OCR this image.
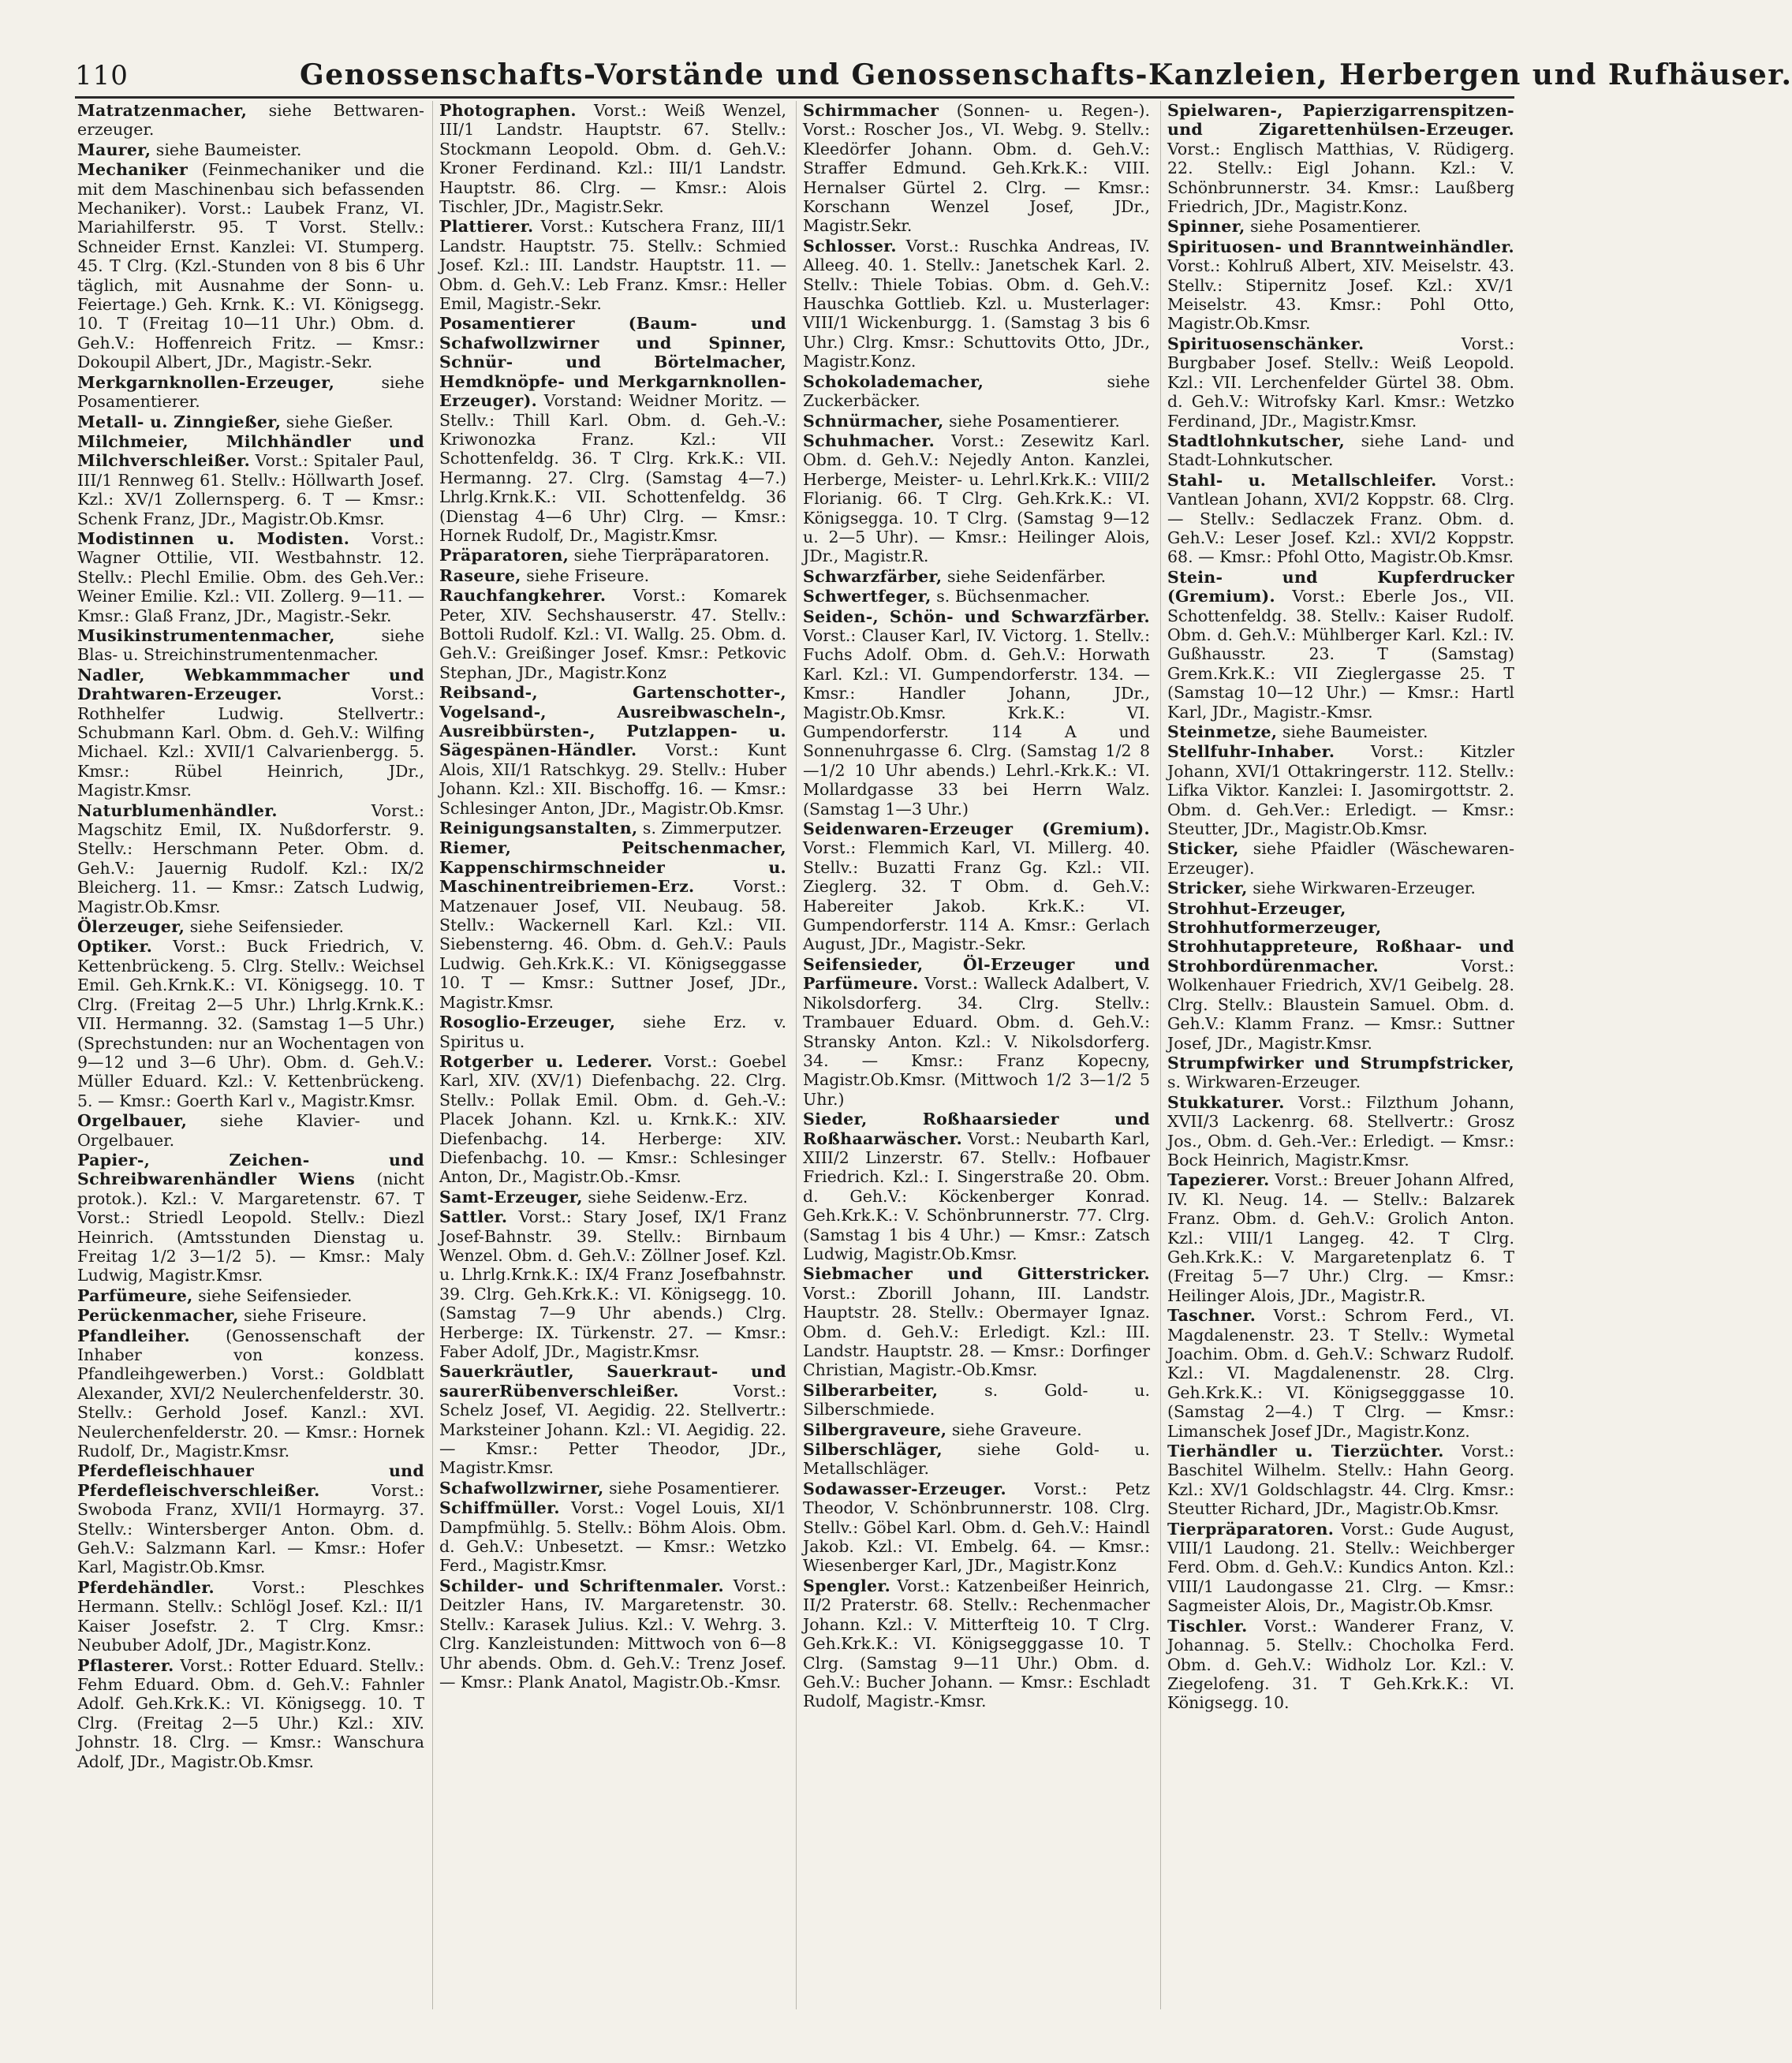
110	Genossenschafts-Vorstände und Genossenschafts-Kanzleien, Herbergen und Rufhäuser.

Matratzenmacher, siehe Bettwaren-erzeuger.

Maurer, siehe Baumeister.

Mechaniker (Feinmechaniker und die mit dem Maschinenbau sich befassenden Mechaniker). Vorst.: Laubek Franz, VI. Mariahilferstr. 95. T Vorst. Stellv.: Schneider Ernst. Kanzlei: VI. Stumperg. 45. T Clrg. (Kzl.-Stunden von 8 bis 6 Uhr täglich, mit Ausnahme der Sonn- u. Feiertage.) Geh. Krnk. K.: VI. Königsegg. 10. T (Freitag 10—11 Uhr.) Obm. d. Geh.V.: Hoffenreich Fritz. — Kmsr.: Dokoupil Albert, JDr., Magistr.-Sekr.

Merkgarnknollen-Erzeuger, siehe Posamentierer.

Metall- u. Zinngießer, siehe Gießer.

Milchmeier, Milchhändler und Milchverschleißer. Vorst.: Spitaler Paul, III/1 Rennweg 61. Stellv.: Höllwarth Josef. Kzl.: XV/1 Zollernsperg. 6. T — Kmsr.: Schenk Franz, JDr., Magistr.Ob.Kmsr.

Modistinnen u. Modisten. Vorst.: Wagner Ottilie, VII. Westbahnstr. 12. Stellv.: Plechl Emilie. Obm. des Geh.Ver.: Weiner Emilie. Kzl.: VII. Zollerg. 9—11. — Kmsr.: Glaß Franz, JDr., Magistr.-Sekr.

Musikinstrumentenmacher, siehe Blas- u. Streichinstrumentenmacher.

Nadler, Webkammmacher und Drahtwaren-Erzeuger. Vorst.: Rothhelfer Ludwig. Stellvertr.: Schubmann Karl. Obm. d. Geh.V.: Wilfing Michael. Kzl.: XVII/1 Calvarienbergg. 5. Kmsr.: Rübel Heinrich, JDr., Magistr.Kmsr.

Naturblumenhändler. Vorst.: Magschitz Emil, IX. Nußdorferstr. 9. Stellv.: Herschmann Peter. Obm. d. Geh.V.: Jauernig Rudolf. Kzl.: IX/2 Bleicherg. 11. — Kmsr.: Zatsch Ludwig, Magistr.Ob.Kmsr.

Ölerzeuger, siehe Seifensieder.

Optiker. Vorst.: Buck Friedrich, V. Kettenbrückeng. 5. Clrg. Stellv.: Weichsel Emil. Geh.Krnk.K.: VI. Königsegg. 10. T Clrg. (Freitag 2—5 Uhr.) Lhrlg.Krnk.K.: VII. Hermanng. 32. (Samstag 1—5 Uhr.) (Sprechstunden: nur an Wochentagen von 9—12 und 3—6 Uhr). Obm. d. Geh.V.: Müller Eduard. Kzl.: V. Kettenbrückeng. 5. — Kmsr.: Goerth Karl v., Magistr.Kmsr.

Orgelbauer, siehe Klavier- und Orgelbauer.

Papier-, Zeichen- und Schreibwarenhändler Wiens (nicht protok.). Kzl.: V. Margaretenstr. 67. T Vorst.: Striedl Leopold. Stellv.: Diezl Heinrich. (Amtsstunden Dienstag u. Freitag 1/2 3—1/2 5). — Kmsr.: Maly Ludwig, Magistr.Kmsr.

Parfümeure, siehe Seifensieder.

Perückenmacher, siehe Friseure.

Pfandleiher. (Genossenschaft der Inhaber von konzess. Pfandleihgewerben.) Vorst.: Goldblatt Alexander, XVI/2 Neulerchenfelderstr. 30. Stellv.: Gerhold Josef. Kanzl.: XVI. Neulerchenfelderstr. 20. — Kmsr.: Hornek Rudolf, Dr., Magistr.Kmsr.

Pferdefleischhauer und Pferdefleischverschleißer. Vorst.: Swoboda Franz, XVII/1 Hormayrg. 37. Stellv.: Wintersberger Anton. Obm. d. Geh.V.: Salzmann Karl. — Kmsr.: Hofer Karl, Magistr.Ob.Kmsr.

Pferdehändler. Vorst.: Pleschkes Hermann. Stellv.: Schlögl Josef. Kzl.: II/1 Kaiser Josefstr. 2. T Clrg. Kmsr.: Neububer Adolf, JDr., Magistr.Konz.

Pflasterer. Vorst.: Rotter Eduard. Stellv.: Fehm Eduard. Obm. d. Geh.V.: Fahnler Adolf. Geh.Krk.K.: VI. Königsegg. 10. T Clrg. (Freitag 2—5 Uhr.) Kzl.: XIV. Johnstr. 18. Clrg. — Kmsr.: Wanschura Adolf, JDr., Magistr.Ob.Kmsr.

Photographen. Vorst.: Weiß Wenzel, III/1 Landstr. Hauptstr. 67. Stellv.: Stockmann Leopold. Obm. d. Geh.V.: Kroner Ferdinand. Kzl.: III/1 Landstr. Hauptstr. 86. Clrg. — Kmsr.: Alois Tischler, JDr., Magistr.Sekr.

Plattierer. Vorst.: Kutschera Franz, III/1 Landstr. Hauptstr. 75. Stellv.: Schmied Josef. Kzl.: III. Landstr. Hauptstr. 11. — Obm. d. Geh.V.: Leb Franz. Kmsr.: Heller Emil, Magistr.-Sekr.

Posamentierer (Baum- und Schafwollzwirner und Spinner, Schnür- und Börtelmacher, Hemdknöpfe- und Merkgarnknollen-Erzeuger). Vorstand: Weidner Moritz. — Stellv.: Thill Karl. Obm. d. Geh.-V.: Kriwonozka Franz. Kzl.: VII Schottenfeldg. 36. T Clrg. Krk.K.: VII. Hermanng. 27. Clrg. (Samstag 4—7.) Lhrlg.Krnk.K.: VII. Schottenfeldg. 36 (Dienstag 4—6 Uhr) Clrg. — Kmsr.: Hornek Rudolf, Dr., Magistr.Kmsr.

Präparatoren, siehe Tierpräparatoren.

Raseure, siehe Friseure.

Rauchfangkehrer. Vorst.: Komarek Peter, XIV. Sechshauserstr. 47. Stellv.: Bottoli Rudolf. Kzl.: VI. Wallg. 25. Obm. d. Geh.V.: Greißinger Josef. Kmsr.: Petkovic Stephan, JDr., Magistr.Konz

Reibsand-, Gartenschotter-, Vogelsand-, Ausreibwascheln-, Ausreibbürsten-, Putzlappen- u. Sägespänen-Händler. Vorst.: Kunt Alois, XII/1 Ratschkyg. 29. Stellv.: Huber Johann. Kzl.: XII. Bischoffg. 16. — Kmsr.: Schlesinger Anton, JDr., Magistr.Ob.Kmsr.

Reinigungsanstalten, s. Zimmerputzer.

Riemer, Peitschenmacher, Kappenschirmschneider u. Maschinentreibriemen-Erz. Vorst.: Matzenauer Josef, VII. Neubaug. 58. Stellv.: Wackernell Karl. Kzl.: VII. Siebensterng. 46. Obm. d. Geh.V.: Pauls Ludwig. Geh.Krk.K.: VI. Königseggasse 10. T — Kmsr.: Suttner Josef, JDr., Magistr.Kmsr.

Rosoglio-Erzeuger, siehe Erz. v. Spiritus u.

Rotgerber u. Lederer. Vorst.: Goebel Karl, XIV. (XV/1) Diefenbachg. 22. Clrg. Stellv.: Pollak Emil. Obm. d. Geh.-V.: Placek Johann. Kzl. u. Krnk.K.: XIV. Diefenbachg. 14. Herberge: XIV. Diefenbachg. 10. — Kmsr.: Schlesinger Anton, Dr., Magistr.Ob.-Kmsr.

Samt-Erzeuger, siehe Seidenw.-Erz.

Sattler. Vorst.: Stary Josef, IX/1 Franz Josef-Bahnstr. 39. Stellv.: Birnbaum Wenzel. Obm. d. Geh.V.: Zöllner Josef. Kzl. u. Lhrlg.Krnk.K.: IX/4 Franz Josefbahnstr. 39. Clrg. Geh.Krk.K.: VI. Königsegg. 10. (Samstag 7—9 Uhr abends.) Clrg. Herberge: IX. Türkenstr. 27. — Kmsr.: Faber Adolf, JDr., Magistr.Kmsr.

Sauerkräutler, Sauerkraut- und saurerRübenverschleißer. Vorst.: Schelz Josef, VI. Aegidig. 22. Stellvertr.: Marksteiner Johann. Kzl.: VI. Aegidig. 22. — Kmsr.: Petter Theodor, JDr., Magistr.Kmsr.

Schafwollzwirner, siehe Posamentierer.

Schiffmüller. Vorst.: Vogel Louis, XI/1 Dampfmühlg. 5. Stellv.: Böhm Alois. Obm. d. Geh.V.: Unbesetzt. — Kmsr.: Wetzko Ferd., Magistr.Kmsr.

Schilder- und Schriftenmaler. Vorst.: Deitzler Hans, IV. Margaretenstr. 30. Stellv.: Karasek Julius. Kzl.: V. Wehrg. 3. Clrg. Kanzleistunden: Mittwoch von 6—8 Uhr abends. Obm. d. Geh.V.: Trenz Josef. — Kmsr.: Plank Anatol, Magistr.Ob.-Kmsr.

Schirmmacher (Sonnen- u. Regen-). Vorst.: Roscher Jos., VI. Webg. 9. Stellv.: Kleedörfer Johann. Obm. d. Geh.V.: Straffer Edmund. Geh.Krk.K.: VIII. Hernalser Gürtel 2. Clrg. — Kmsr.: Korschann Wenzel Josef, JDr., Magistr.Sekr.

Schlosser. Vorst.: Ruschka Andreas, IV. Alleeg. 40. 1. Stellv.: Janetschek Karl. 2. Stellv.: Thiele Tobias. Obm. d. Geh.V.: Hauschka Gottlieb. Kzl. u. Musterlager: VIII/1 Wickenburgg. 1. (Samstag 3 bis 6 Uhr.) Clrg. Kmsr.: Schuttovits Otto, JDr., Magistr.Konz.

Schokolademacher, siehe Zuckerbäcker.

Schnürmacher, siehe Posamentierer.

Schuhmacher. Vorst.: Zesewitz Karl. Obm. d. Geh.V.: Nejedly Anton. Kanzlei, Herberge, Meister- u. Lehrl.Krk.K.: VIII/2 Florianig. 66. T Clrg. Geh.Krk.K.: VI. Königsegga. 10. T Clrg. (Samstag 9—12 u. 2—5 Uhr). — Kmsr.: Heilinger Alois, JDr., Magistr.R.

Schwarzfärber, siehe Seidenfärber.

Schwertfeger, s. Büchsenmacher.

Seiden-, Schön- und Schwarzfärber. Vorst.: Clauser Karl, IV. Victorg. 1. Stellv.: Fuchs Adolf. Obm. d. Geh.V.: Horwath Karl. Kzl.: VI. Gumpendorferstr. 134. — Kmsr.: Handler Johann, JDr., Magistr.Ob.Kmsr. Krk.K.: VI. Gumpendorferstr. 114 A und Sonnenuhrgasse 6. Clrg. (Samstag 1/2 8—1/2 10 Uhr abends.) Lehrl.-Krk.K.: VI. Mollardgasse 33 bei Herrn Walz. (Samstag 1—3 Uhr.)

Seidenwaren-Erzeuger (Gremium). Vorst.: Flemmich Karl, VI. Millerg. 40. Stellv.: Buzatti Franz Gg. Kzl.: VII. Zieglerg. 32. T Obm. d. Geh.V.: Habereiter Jakob. Krk.K.: VI. Gumpendorferstr. 114 A. Kmsr.: Gerlach August, JDr., Magistr.-Sekr.

Seifensieder, Öl-Erzeuger und Parfümeure. Vorst.: Walleck Adalbert, V. Nikolsdorferg. 34. Clrg. Stellv.: Trambauer Eduard. Obm. d. Geh.V.: Stransky Anton. Kzl.: V. Nikolsdorferg. 34. — Kmsr.: Franz Kopecny, Magistr.Ob.Kmsr. (Mittwoch 1/2 3—1/2 5 Uhr.)

Sieder, Roßhaarsieder und Roßhaarwäscher. Vorst.: Neubarth Karl, XIII/2 Linzerstr. 67. Stellv.: Hofbauer Friedrich. Kzl.: I. Singerstraße 20. Obm. d. Geh.V.: Köckenberger Konrad. Geh.Krk.K.: V. Schönbrunnerstr. 77. Clrg. (Samstag 1 bis 4 Uhr.) — Kmsr.: Zatsch Ludwig, Magistr.Ob.Kmsr.

Siebmacher und Gitterstricker. Vorst.: Zborill Johann, III. Landstr. Hauptstr. 28. Stellv.: Obermayer Ignaz. Obm. d. Geh.V.: Erledigt. Kzl.: III. Landstr. Hauptstr. 28. — Kmsr.: Dorfinger Christian, Magistr.-Ob.Kmsr.

Silberarbeiter, s. Gold- u. Silberschmiede.

Silbergraveure, siehe Graveure.

Silberschläger, siehe Gold- u. Metallschläger.

Sodawasser-Erzeuger. Vorst.: Petz Theodor, V. Schönbrunnerstr. 108. Clrg. Stellv.: Göbel Karl. Obm. d. Geh.V.: Haindl Jakob. Kzl.: VI. Embelg. 64. — Kmsr.: Wiesenberger Karl, JDr., Magistr.Konz

Spengler. Vorst.: Katzenbeißer Heinrich, II/2 Praterstr. 68. Stellv.: Rechenmacher Johann. Kzl.: V. Mitterfteig 10. T Clrg. Geh.Krk.K.: VI. Königsegggasse 10. T Clrg. (Samstag 9—11 Uhr.) Obm. d. Geh.V.: Bucher Johann. — Kmsr.: Eschladt Rudolf, Magistr.-Kmsr.

Spielwaren-, Papierzigarrenspitzen- und Zigarettenhülsen-Erzeuger. Vorst.: Englisch Matthias, V. Rüdigerg. 22. Stellv.: Eigl Johann. Kzl.: V. Schönbrunnerstr. 34. Kmsr.: Laußberg Friedrich, JDr., Magistr.Konz.

Spinner, siehe Posamentierer.

Spirituosen- und Branntweinhändler. Vorst.: Kohlruß Albert, XIV. Meiselstr. 43. Stellv.: Stipernitz Josef. Kzl.: XV/1 Meiselstr. 43. Kmsr.: Pohl Otto, Magistr.Ob.Kmsr.

Spirituosenschänker. Vorst.: Burgbaber Josef. Stellv.: Weiß Leopold. Kzl.: VII. Lerchenfelder Gürtel 38. Obm. d. Geh.V.: Witrofsky Karl. Kmsr.: Wetzko Ferdinand, JDr., Magistr.Kmsr.

Stadtlohnkutscher, siehe Land- und Stadt-Lohnkutscher.

Stahl- u. Metallschleifer. Vorst.: Vantlean Johann, XVI/2 Koppstr. 68. Clrg. — Stellv.: Sedlaczek Franz. Obm. d. Geh.V.: Leser Josef. Kzl.: XVI/2 Koppstr. 68. — Kmsr.: Pfohl Otto, Magistr.Ob.Kmsr.

Stein- und Kupferdrucker (Gremium). Vorst.: Eberle Jos., VII. Schottenfeldg. 38. Stellv.: Kaiser Rudolf. Obm. d. Geh.V.: Mühlberger Karl. Kzl.: IV. Gußhausstr. 23. T (Samstag) Grem.Krk.K.: VII Zieglergasse 25. T (Samstag 10—12 Uhr.) — Kmsr.: Hartl Karl, JDr., Magistr.-Kmsr.

Steinmetze, siehe Baumeister.

Stellfuhr-Inhaber. Vorst.: Kitzler Johann, XVI/1 Ottakringerstr. 112. Stellv.: Lifka Viktor. Kanzlei: I. Jasomirgottstr. 2. Obm. d. Geh.Ver.: Erledigt. — Kmsr.: Steutter, JDr., Magistr.Ob.Kmsr.

Sticker, siehe Pfaidler (Wäschewaren-Erzeuger).

Stricker, siehe Wirkwaren-Erzeuger.

Strohhut-Erzeuger, Strohhutformerzeuger, Strohhutappreteure, Roßhaar- und Strohbordürenmacher. Vorst.: Wolkenhauer Friedrich, XV/1 Geibelg. 28. Clrg. Stellv.: Blaustein Samuel. Obm. d. Geh.V.: Klamm Franz. — Kmsr.: Suttner Josef, JDr., Magistr.Kmsr.

Strumpfwirker und Strumpfstricker, s. Wirkwaren-Erzeuger.

Stukkaturer. Vorst.: Filzthum Johann, XVII/3 Lackenrg. 68. Stellvertr.: Grosz Jos., Obm. d. Geh.-Ver.: Erledigt. — Kmsr.: Bock Heinrich, Magistr.Kmsr.

Tapezierer. Vorst.: Breuer Johann Alfred, IV. Kl. Neug. 14. — Stellv.: Balzarek Franz. Obm. d. Geh.V.: Grolich Anton. Kzl.: VIII/1 Langeg. 42. T Clrg. Geh.Krk.K.: V. Margaretenplatz 6. T (Freitag 5—7 Uhr.) Clrg. — Kmsr.: Heilinger Alois, JDr., Magistr.R.

Taschner. Vorst.: Schrom Ferd., VI. Magdalenenstr. 23. T Stellv.: Wymetal Joachim. Obm. d. Geh.V.: Schwarz Rudolf. Kzl.: VI. Magdalenenstr. 28. Clrg. Geh.Krk.K.: VI. Königsegggasse 10. (Samstag 2—4.) T Clrg. — Kmsr.: Limanschek Josef JDr., Magistr.Konz.

Tierhändler u. Tierzüchter. Vorst.: Baschitel Wilhelm. Stellv.: Hahn Georg. Kzl.: XV/1 Goldschlagstr. 44. Clrg. Kmsr.: Steutter Richard, JDr., Magistr.Ob.Kmsr.

Tierpräparatoren. Vorst.: Gude August, VIII/1 Laudong. 21. Stellv.: Weichberger Ferd. Obm. d. Geh.V.: Kundics Anton. Kzl.: VIII/1 Laudongasse 21. Clrg. — Kmsr.: Sagmeister Alois, Dr., Magistr.Ob.Kmsr.

Tischler. Vorst.: Wanderer Franz, V. Johannag. 5. Stellv.: Chocholka Ferd. Obm. d. Geh.V.: Widholz Lor. Kzl.: V. Ziegelofeng. 31. T Geh.Krk.K.: VI. Königsegg. 10.
